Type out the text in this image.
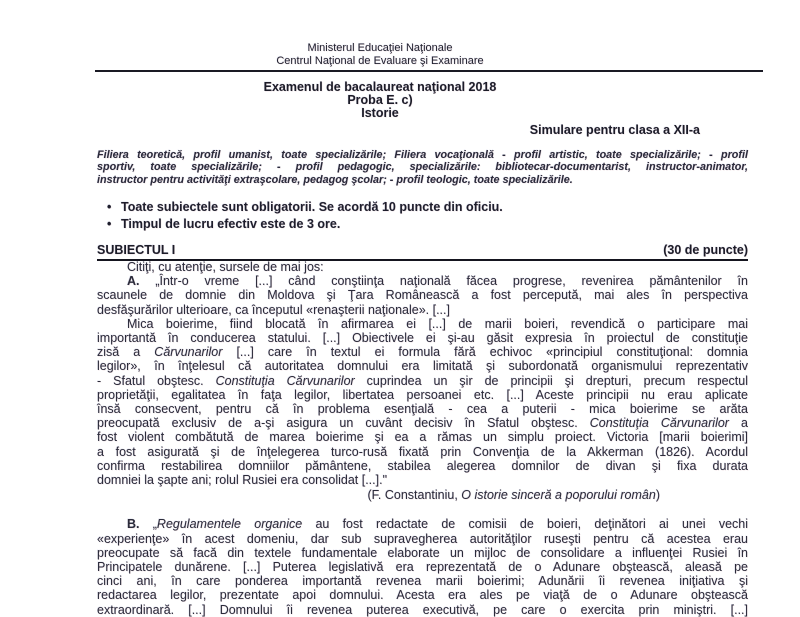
Ministerul Educaţiei Naţionale
Centrul Naţional de Evaluare şi Examinare
Examenul de bacalaureat naţional 2018
Proba E. c)
Istorie
Simulare pentru clasa a XII-a
Filiera teoretică, profil umanist, toate specializările; Filiera vocaţională - profil artistic, toate specializările; - profil
sportiv, toate specializările; - profil pedagogic, specializările: bibliotecar-documentarist, instructor-animator,
instructor pentru activităţi extraşcolare, pedagog şcolar; - profil teologic, toate specializările.
• Toate subiectele sunt obligatorii. Se acordă 10 puncte din oficiu.
• Timpul de lucru efectiv este de 3 ore.
SUBIECTUL I	(30 de puncte)
Citiţi, cu atenţie, sursele de mai jos:
A. „Într-o vreme [...] când conştiinţa naţională făcea progrese, revenirea pământenilor în
scaunele de domnie din Moldova şi Ţara Românească a fost percepută, mai ales în perspectiva
desfăşurărilor ulterioare, ca începutul «renaşterii naţionale». [...]
Mica boierime, fiind blocată în afirmarea ei [...] de marii boieri, revendică o participare mai
importantă în conducerea statului. [...] Obiectivele ei şi-au găsit expresia în proiectul de constituţie
zisă a Cărvunarilor [...] care în textul ei formula fără echivoc «principiul constituţional: domnia
legilor», în înţelesul că autoritatea domnului era limitată şi subordonată organismului reprezentativ
- Sfatul obştesc. Constituţia Cărvunarilor cuprindea un şir de principii şi drepturi, precum respectul
proprietăţii, egalitatea în faţa legilor, libertatea persoanei etc. [...] Aceste principii nu erau aplicate
însă consecvent, pentru că în problema esenţială - cea a puterii - mica boierime se arăta
preocupată exclusiv de a-şi asigura un cuvânt decisiv în Sfatul obştesc. Constituţia Cărvunarilor a
fost violent combătută de marea boierime şi ea a rămas un simplu proiect. Victoria [marii boierimi]
a fost asigurată şi de înţelegerea turco-rusă fixată prin Convenţia de la Akkerman (1826). Acordul
confirma restabilirea domniilor pământene, stabilea alegerea domnilor de divan şi fixa durata
domniei la şapte ani; rolul Rusiei era consolidat [...]."
(F. Constantiniu, O istorie sinceră a poporului român)
B. „Regulamentele organice au fost redactate de comisii de boieri, deţinători ai unei vechi
«experienţe» în acest domeniu, dar sub supravegherea autorităţilor ruseşti pentru că acestea erau
preocupate să facă din textele fundamentale elaborate un mijloc de consolidare a influenţei Rusiei în
Principatele dunărene. [...] Puterea legislativă era reprezentată de o Adunare obştească, aleasă pe
cinci ani, în care ponderea importantă revenea marii boierimi; Adunării îi revenea iniţiativa şi
redactarea legilor, prezentate apoi domnului. Acesta era ales pe viaţă de o Adunare obştească
extraordinară. [...] Domnului îi revenea puterea executivă, pe care o exercita prin miniştri. [...]
